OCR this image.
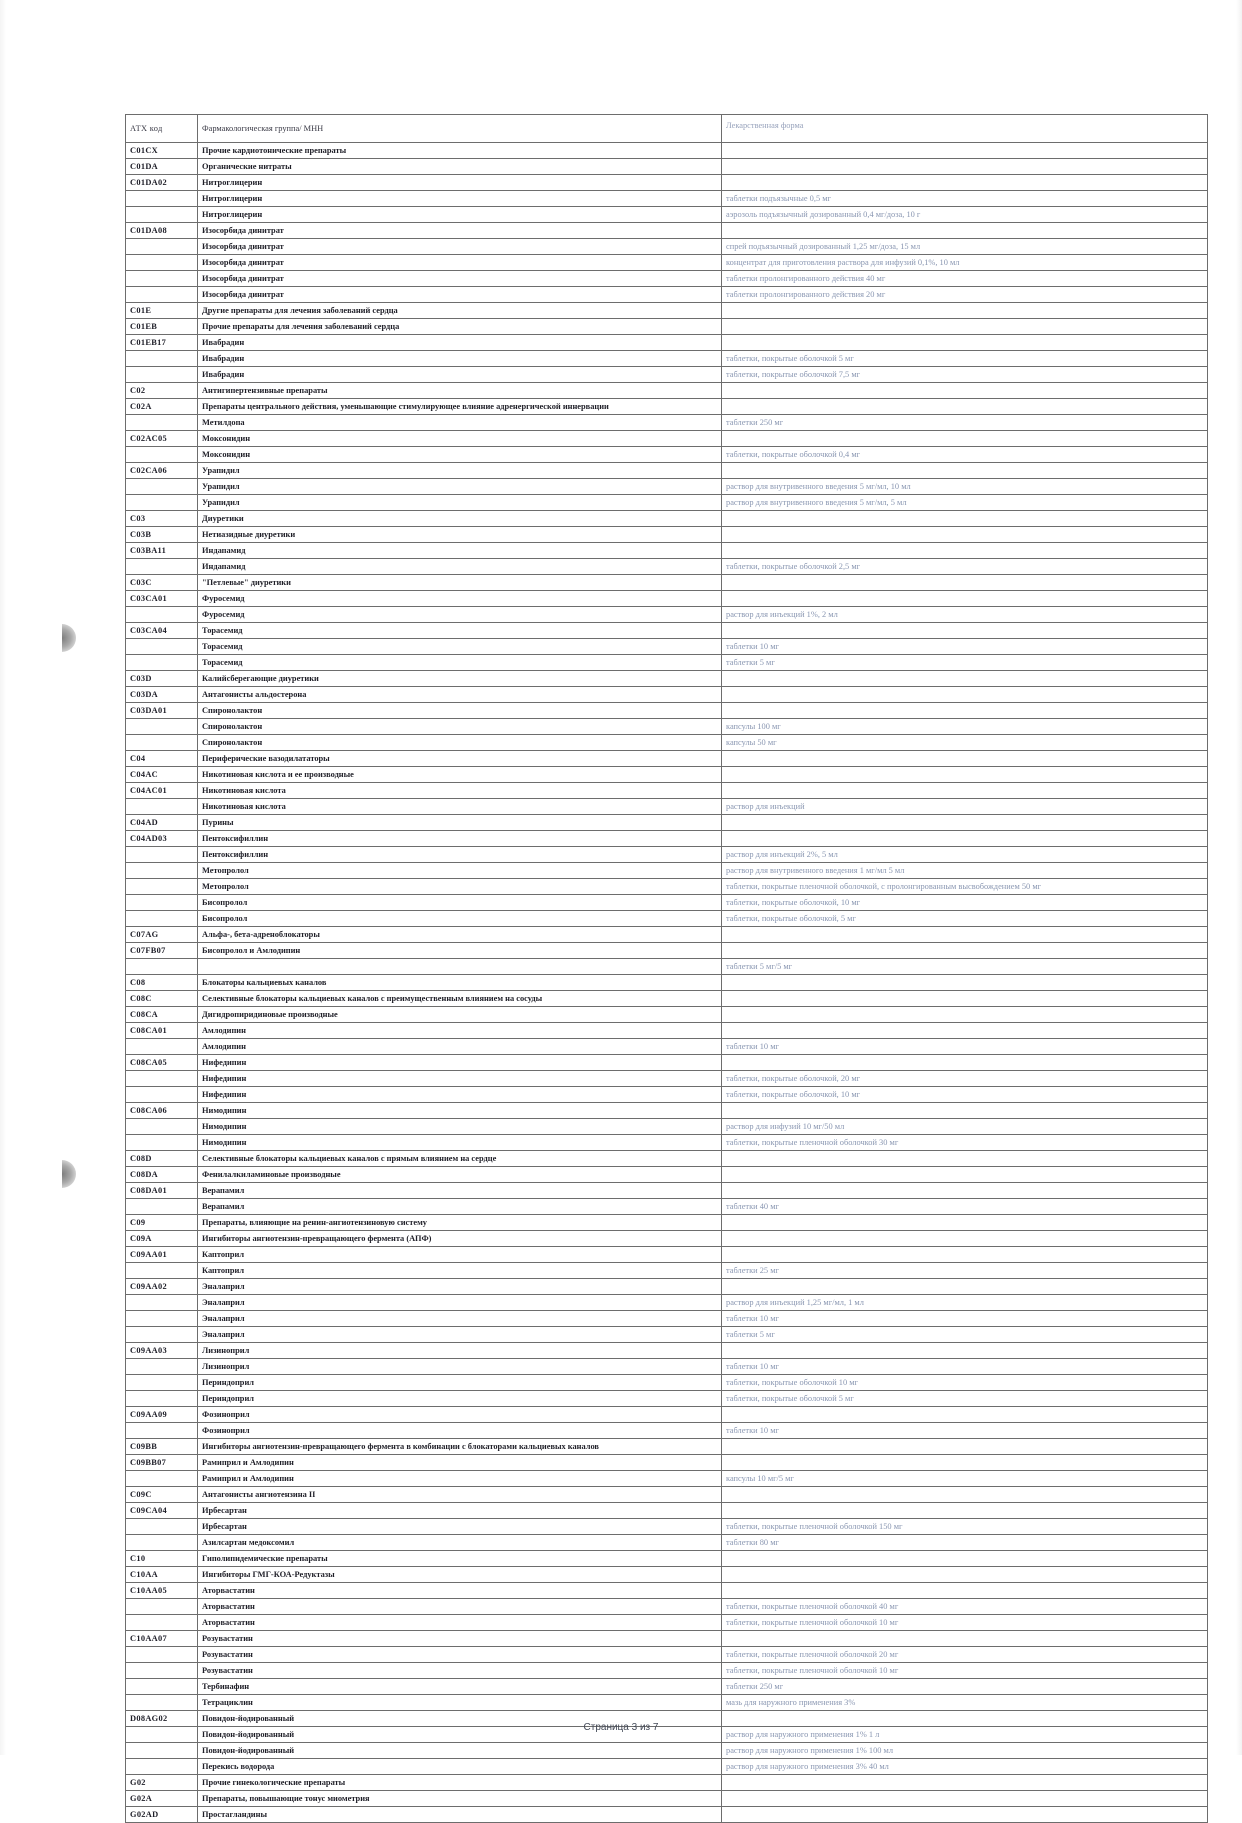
АТХ код	Фармакологическая группа/ МНН	Лекарственная форма
C01CX	Прочие кардиотонические препараты	
C01DA	Органические нитраты	
C01DA02	Нитроглицерин	
	Нитроглицерин	таблетки подъязычные 0,5 мг
	Нитроглицерин	аэрозоль подъязычный дозированный 0,4 мг/доза, 10 г
C01DA08	Изосорбида динитрат	
	Изосорбида динитрат	спрей подъязычный дозированный 1,25 мг/доза, 15 мл
	Изосорбида динитрат	концентрат для приготовления раствора для инфузий 0,1%, 10 мл
	Изосорбида динитрат	таблетки пролонгированного действия 40 мг
	Изосорбида динитрат	таблетки пролонгированного действия 20 мг
C01E	Другие препараты для лечения заболеваний сердца	
C01EB	Прочие препараты для лечения заболеваний сердца	
C01EB17	Ивабрадин	
	Ивабрадин	таблетки, покрытые оболочкой 5 мг
	Ивабрадин	таблетки, покрытые оболочкой 7,5 мг
C02	Антигипертензивные препараты	
C02A	Препараты центрального действия, уменьшающие стимулирующее влияние адренергической иннервации	
	Метилдопа	таблетки 250 мг
C02AC05	Моксонидин	
	Моксонидин	таблетки, покрытые оболочкой 0,4 мг
C02CA06	Урапидил	
	Урапидил	раствор для внутривенного введения 5 мг/мл, 10 мл
	Урапидил	раствор для внутривенного введения 5 мг/мл, 5 мл
C03	Диуретики	
C03B	Нетиазидные диуретики	
C03BA11	Индапамид	
	Индапамид	таблетки, покрытые оболочкой 2,5 мг
C03C	"Петлевые" диуретики	
C03CA01	Фуросемид	
	Фуросемид	раствор для инъекций 1%, 2 мл
C03CA04	Торасемид	
	Торасемид	таблетки 10 мг
	Торасемид	таблетки 5 мг
C03D	Калийсберегающие диуретики	
C03DA	Антагонисты альдостерона	
C03DA01	Спиронолактон	
	Спиронолактон	капсулы 100 мг
	Спиронолактон	капсулы 50 мг
C04	Периферические вазодилататоры	
C04AC	Никотиновая кислота и ее производные	
C04AC01	Никотиновая кислота	
	Никотиновая кислота	раствор для инъекций
C04AD	Пурины	
C04AD03	Пентоксифиллин	
	Пентоксифиллин	раствор для инъекций 2%, 5 мл
	Метопролол	раствор для внутривенного введения 1 мг/мл 5 мл
	Метопролол	таблетки, покрытые пленочной оболочкой, с пролонгированным высвобождением 50 мг
	Бисопролол	таблетки, покрытые оболочкой, 10 мг
	Бисопролол	таблетки, покрытые оболочкой, 5 мг
C07AG	Альфа-, бета-адреноблокаторы	
C07FB07	Бисопролол и Амлодипин	
		таблетки 5 мг/5 мг
C08	Блокаторы кальциевых каналов	
C08C	Селективные блокаторы кальциевых каналов с преимущественным влиянием на сосуды	
C08CA	Дигидропиридиновые производные	
C08CA01	Амлодипин	
	Амлодипин	таблетки 10 мг
C08CA05	Нифедипин	
	Нифедипин	таблетки, покрытые оболочкой, 20 мг
	Нифедипин	таблетки, покрытые оболочкой, 10 мг
C08CA06	Нимодипин	
	Нимодипин	раствор для инфузий 10 мг/50 мл
	Нимодипин	таблетки, покрытые пленочной оболочкой 30 мг
C08D	Селективные блокаторы кальциевых каналов с прямым влиянием на сердце	
C08DA	Фенилалкиламиновые производные	
C08DA01	Верапамил	
	Верапамил	таблетки 40 мг
C09	Препараты, влияющие на ренин-ангиотензиновую систему	
C09A	Ингибиторы ангиотензин-превращающего фермента (АПФ)	
C09AA01	Каптоприл	
	Каптоприл	таблетки 25 мг
C09AA02	Эналаприл	
	Эналаприл	раствор для инъекций 1,25 мг/мл, 1 мл
	Эналаприл	таблетки 10 мг
	Эналаприл	таблетки 5 мг
C09AA03	Лизиноприл	
	Лизиноприл	таблетки 10 мг
	Периндоприл	таблетки, покрытые оболочкой 10 мг
	Периндоприл	таблетки, покрытые оболочкой 5 мг
C09AA09	Фозиноприл	
	Фозиноприл	таблетки 10 мг
C09BB	Ингибиторы ангиотензин-превращающего фермента в комбинации с блокаторами кальциевых каналов	
C09BB07	Рамиприл и Амлодипин	
	Рамиприл и Амлодипин	капсулы 10 мг/5 мг
C09C	Антагонисты ангиотензина II	
C09CA04	Ирбесартан	
	Ирбесартан	таблетки, покрытые пленочной оболочкой 150 мг
	Азилсартан медоксомил	таблетки 80 мг
C10	Гиполипидемические препараты	
C10AA	Ингибиторы ГМГ-КОА-Редуктазы	
C10AA05	Аторвастатин	
	Аторвастатин	таблетки, покрытые пленочной оболочкой 40 мг
	Аторвастатин	таблетки, покрытые пленочной оболочкой 10 мг
C10AA07	Розувастатин	
	Розувастатин	таблетки, покрытые пленочной оболочкой 20 мг
	Розувастатин	таблетки, покрытые пленочной оболочкой 10 мг
	Тербинафин	таблетки 250 мг
	Тетрациклин	мазь для наружного применения 3%
D08AG02	Повидон-йодированный	
	Повидон-йодированный	раствор для наружного применения 1% 1 л
	Повидон-йодированный	раствор для наружного применения 1% 100 мл
	Перекись водорода	раствор для наружного применения 3% 40 мл
G02	Прочие гинекологические препараты	
G02A	Препараты, повышающие тонус миометрия	
G02AD	Простагландины	
Страница 3 из 7
